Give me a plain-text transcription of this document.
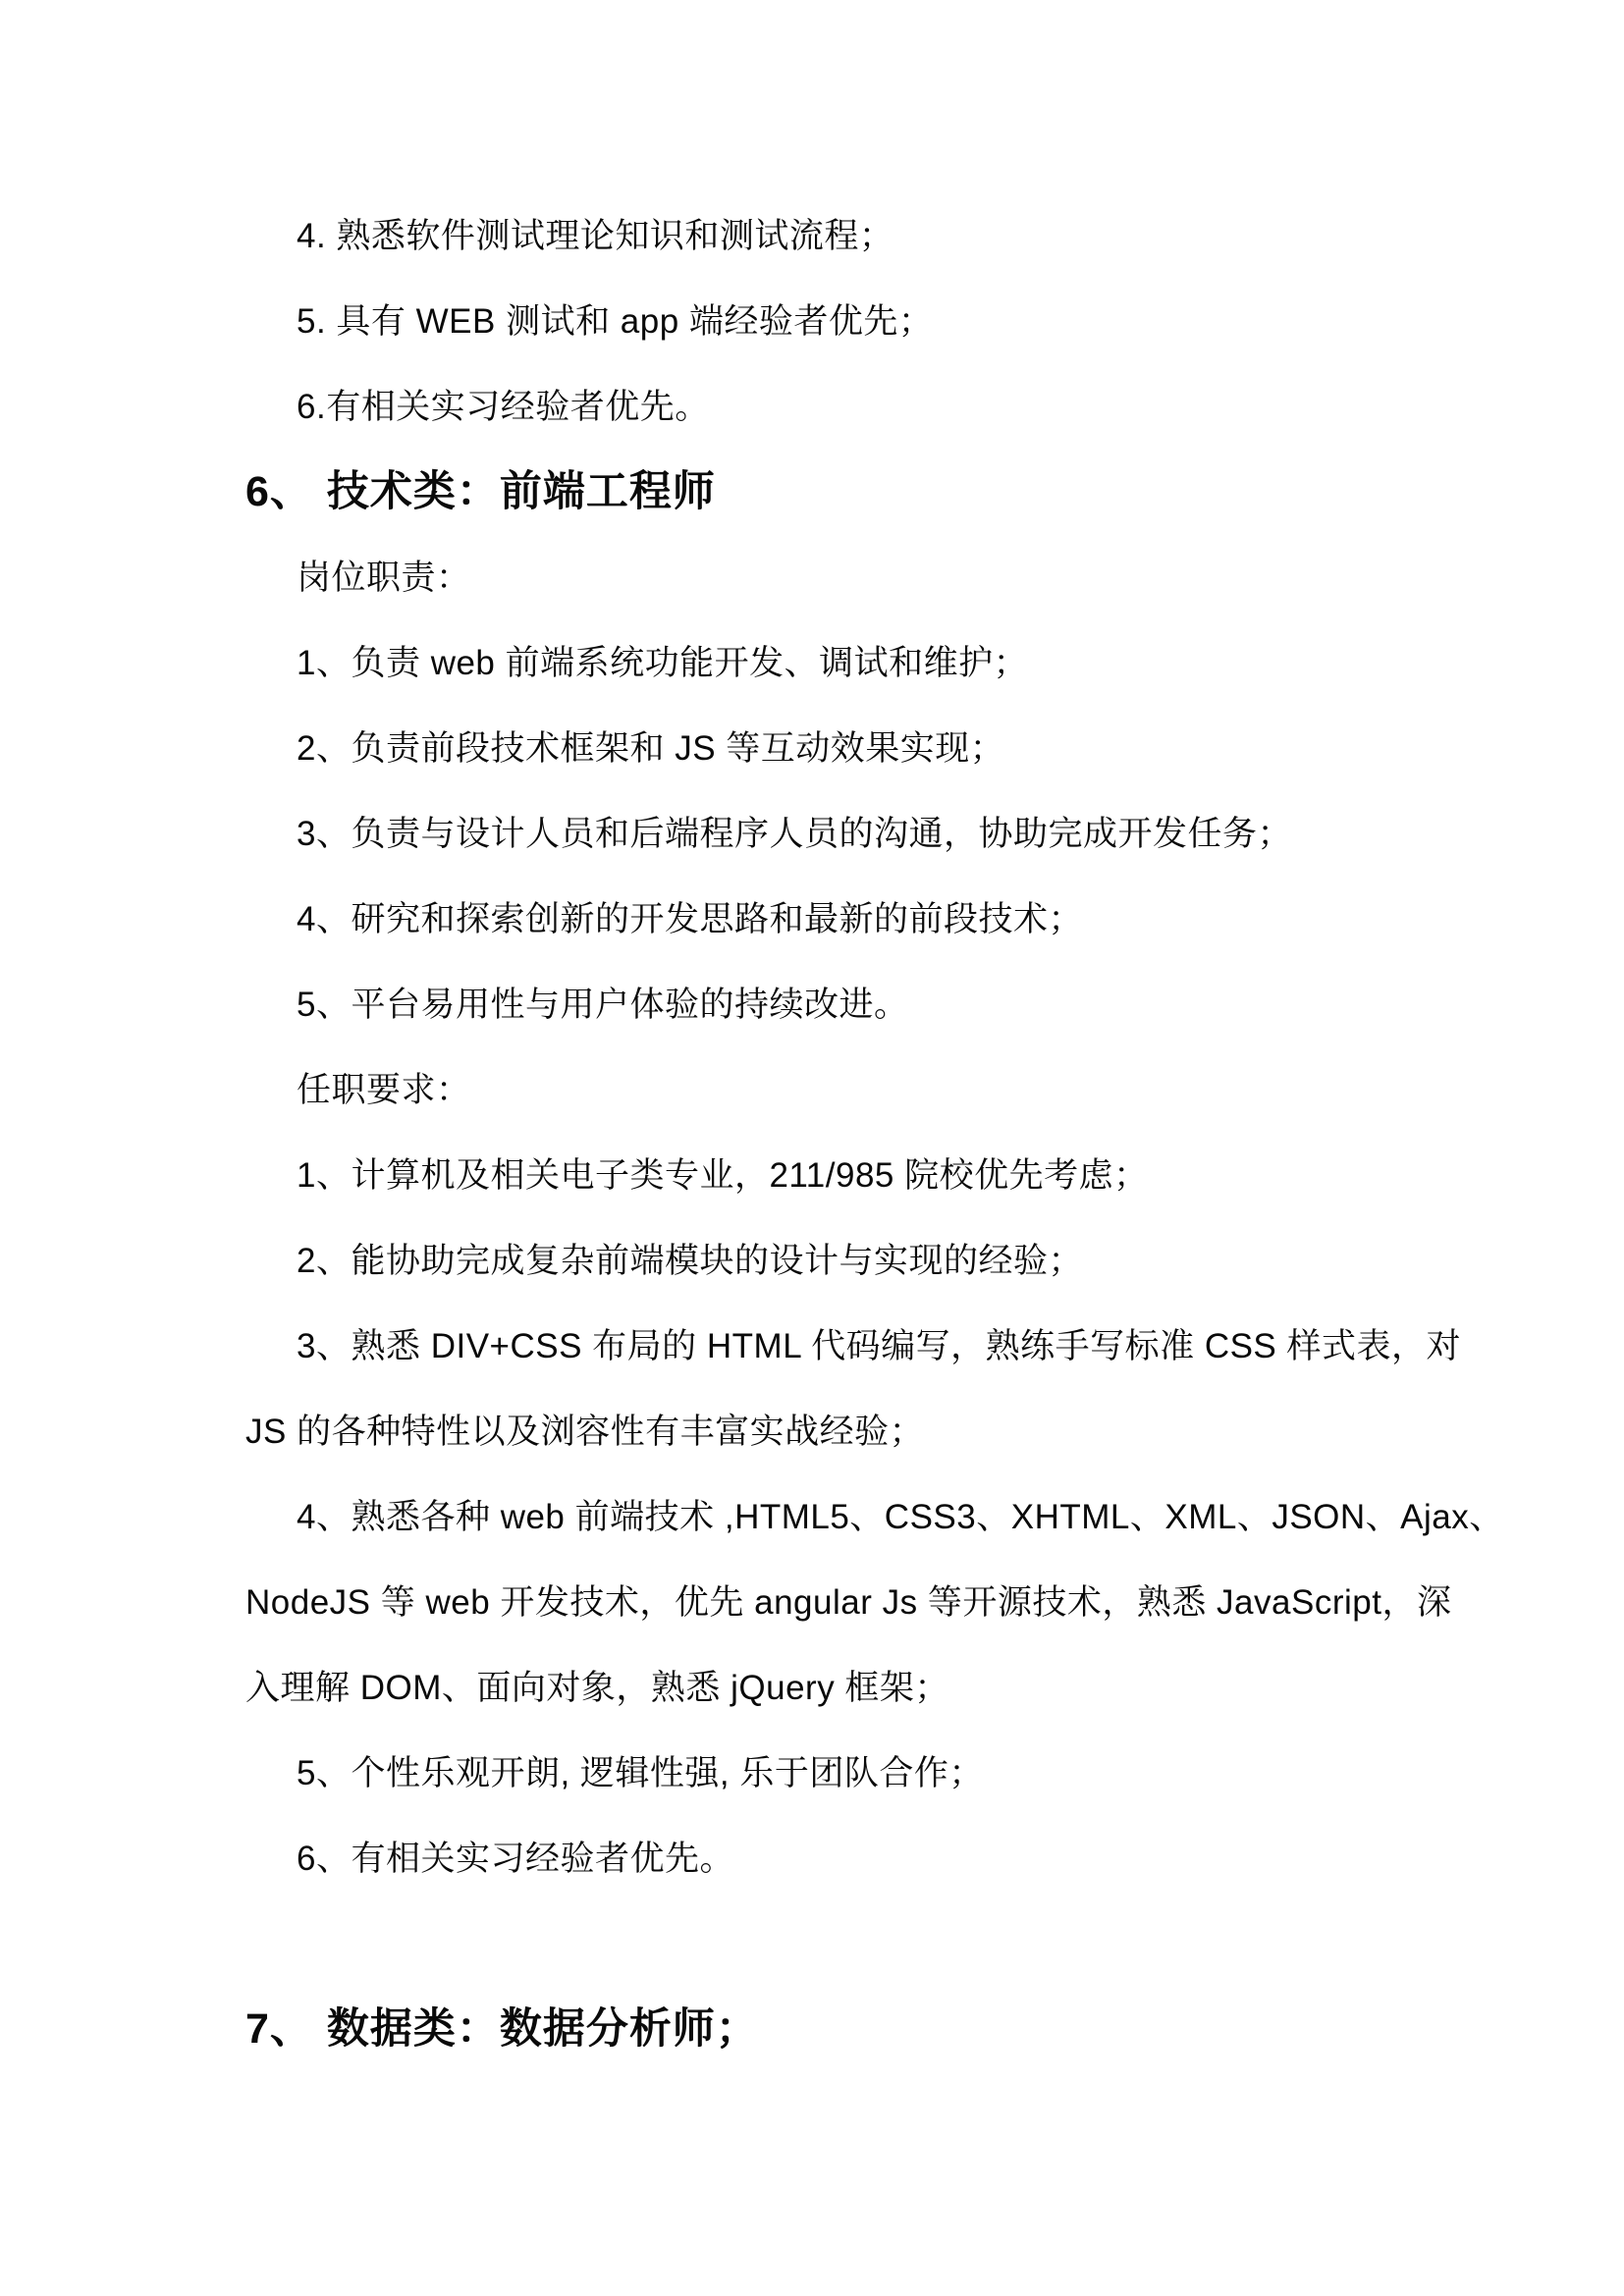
4. 熟悉软件测试理论知识和测试流程；
5. 具有 WEB 测试和 app 端经验者优先；
6.有相关实习经验者优先。
6、 技术类：前端工程师
岗位职责：
1、负责 web 前端系统功能开发、调试和维护；
2、负责前段技术框架和 JS 等互动效果实现；
3、负责与设计人员和后端程序人员的沟通，协助完成开发任务；
4、研究和探索创新的开发思路和最新的前段技术；
5、平台易用性与用户体验的持续改进。
任职要求：
1、计算机及相关电子类专业，211/985 院校优先考虑；
2、能协助完成复杂前端模块的设计与实现的经验；
3、熟悉 DIV+CSS 布局的 HTML 代码编写，熟练手写标准 CSS 样式表，对
JS 的各种特性以及浏容性有丰富实战经验；
4、熟悉各种 web 前端技术 ,HTML5、CSS3、XHTML、XML、JSON、Ajax、
NodeJS 等 web 开发技术，优先 angular Js 等开源技术，熟悉 JavaScript，深
入理解 DOM、面向对象，熟悉 jQuery 框架；
5、个性乐观开朗, 逻辑性强, 乐于团队合作；
6、有相关实习经验者优先。
7、 数据类：数据分析师；
